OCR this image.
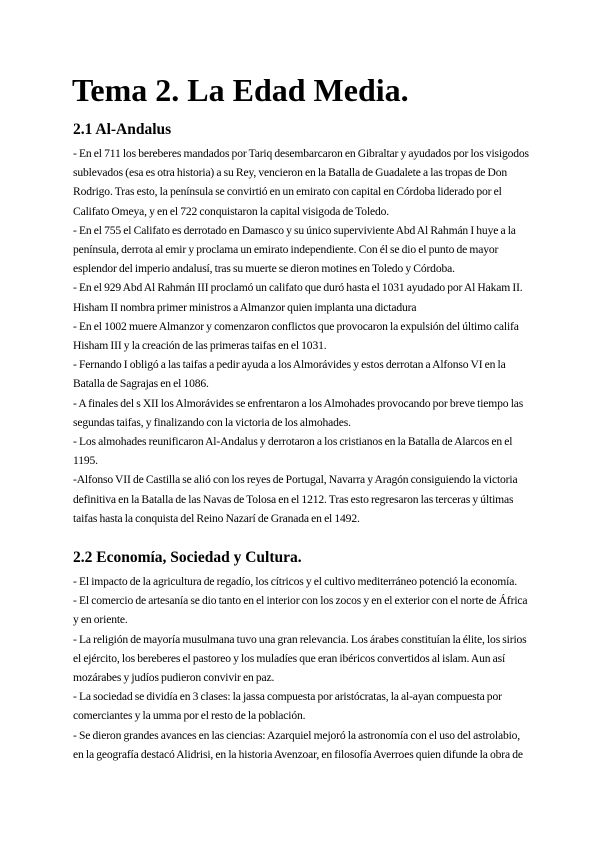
Tema 2. La Edad Media.
2.1 Al-Andalus

- En el 711 los bereberes mandados por Tariq desembarcaron en Gibraltar y ayudados por los visigodos sublevados (esa es otra historia) a su Rey, vencieron en la Batalla de Guadalete a las tropas de Don Rodrigo. Tras esto, la península se convirtió en un emirato con capital en Córdoba liderado por el Califato Omeya, y en el 722 conquistaron la capital visigoda de Toledo.

- En el 755 el Califato es derrotado en Damasco y su único superviviente Abd Al Rahmán I huye a la península, derrota al emir y proclama un emirato independiente. Con él se dio el punto de mayor esplendor del imperio andalusí, tras su muerte se dieron motines en Toledo y Córdoba.

- En el 929 Abd Al Rahmán III proclamó un califato que duró hasta el 1031 ayudado por Al Hakam II. Hisham II nombra primer ministros a Almanzor quien implanta una dictadura

- En el 1002 muere Almanzor y comenzaron conflictos que provocaron la expulsión del último califa Hisham III y la creación de las primeras taifas en el 1031.

- Fernando I obligó a las taifas a pedir ayuda a los Almorávides y estos derrotan a Alfonso VI en la Batalla de Sagrajas en el 1086.

- A finales del s XII los Almorávides se enfrentaron a los Almohades provocando por breve tiempo las segundas taifas, y finalizando con la victoria de los almohades.

- Los almohades reunificaron Al-Andalus y derrotaron a los cristianos en la Batalla de Alarcos en el 1195.

-Alfonso VII de Castilla se alió con los reyes de Portugal, Navarra y Aragón consiguiendo la victoria definitiva en la Batalla de las Navas de Tolosa en el 1212. Tras esto regresaron las terceras y últimas taifas hasta la conquista del Reino Nazarí de Granada en el 1492.

2.2 Economía, Sociedad y Cultura.

- El impacto de la agricultura de regadío, los cítricos y el cultivo mediterráneo potenció la economía.

- El comercio de artesanía se dio tanto en el interior con los zocos y en el exterior con el norte de África y en oriente.

- La religión de mayoría musulmana tuvo una gran relevancia. Los árabes constituían la élite, los sirios el ejército, los bereberes el pastoreo y los muladíes que eran ibéricos convertidos al islam. Aun así mozárabes y judíos pudieron convivir en paz.

- La sociedad se dividía en 3 clases: la jassa compuesta por aristócratas, la al-ayan compuesta por comerciantes y la umma por el resto de la población.

- Se dieron grandes avances en las ciencias: Azarquiel mejoró la astronomía con el uso del astrolabio, en la geografía destacó Alidrisi, en la historia Avenzoar, en filosofía Averroes quien difunde la obra de
